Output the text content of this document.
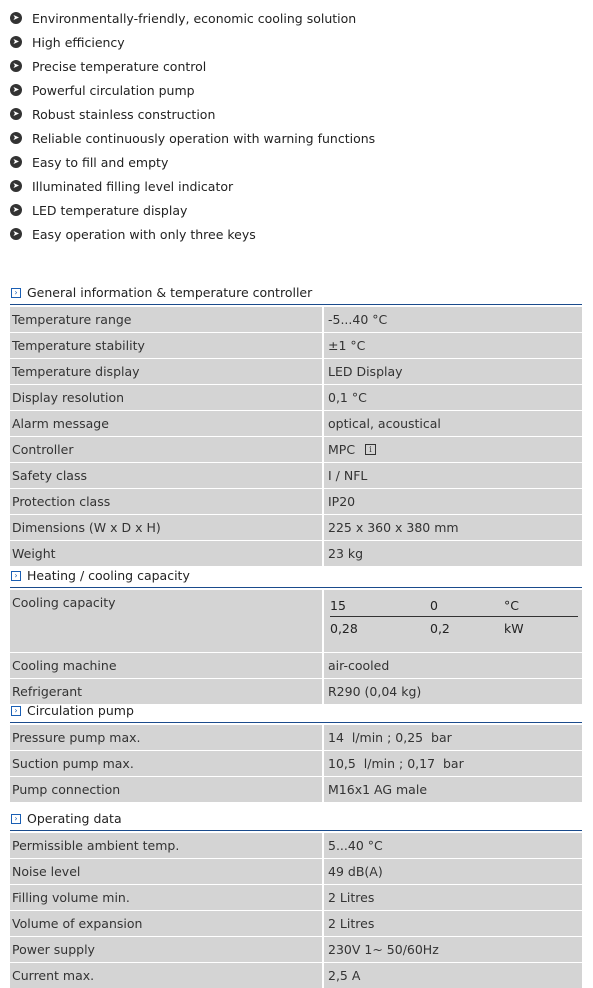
➤ Environmentally-friendly, economic cooling solution
➤ High efficiency
➤ Precise temperature control
➤ Powerful circulation pump
➤ Robust stainless construction
➤ Reliable continuously operation with warning functions
➤ Easy to fill and empty
➤ Illuminated filling level indicator
➤ LED temperature display
➤ Easy operation with only three keys
› General information & temperature controller
Temperature range	-5...40 °C
Temperature stability	±1 °C
Temperature display	LED Display
Display resolution	0,1 °C
Alarm message	optical, acoustical
Controller	MPC	i
Safety class	I / NFL
Protection class	IP20
Dimensions (W x D x H)	225 x 360 x 380 mm
Weight	23 kg
› Heating / cooling capacity
Cooling capacity	15	0	°C
0,28	0,2	kW
Cooling machine	air-cooled
Refrigerant	R290 (0,04 kg)
› Circulation pump
Pressure pump max.	14  l/min ; 0,25  bar
Suction pump max.	10,5  l/min ; 0,17  bar
Pump connection	M16x1 AG male
› Operating data
Permissible ambient temp.	5...40 °C
Noise level	49 dB(A)
Filling volume min.	2 Litres
Volume of expansion	2 Litres
Power supply	230V 1~ 50/60Hz
Current max.	2,5 A
